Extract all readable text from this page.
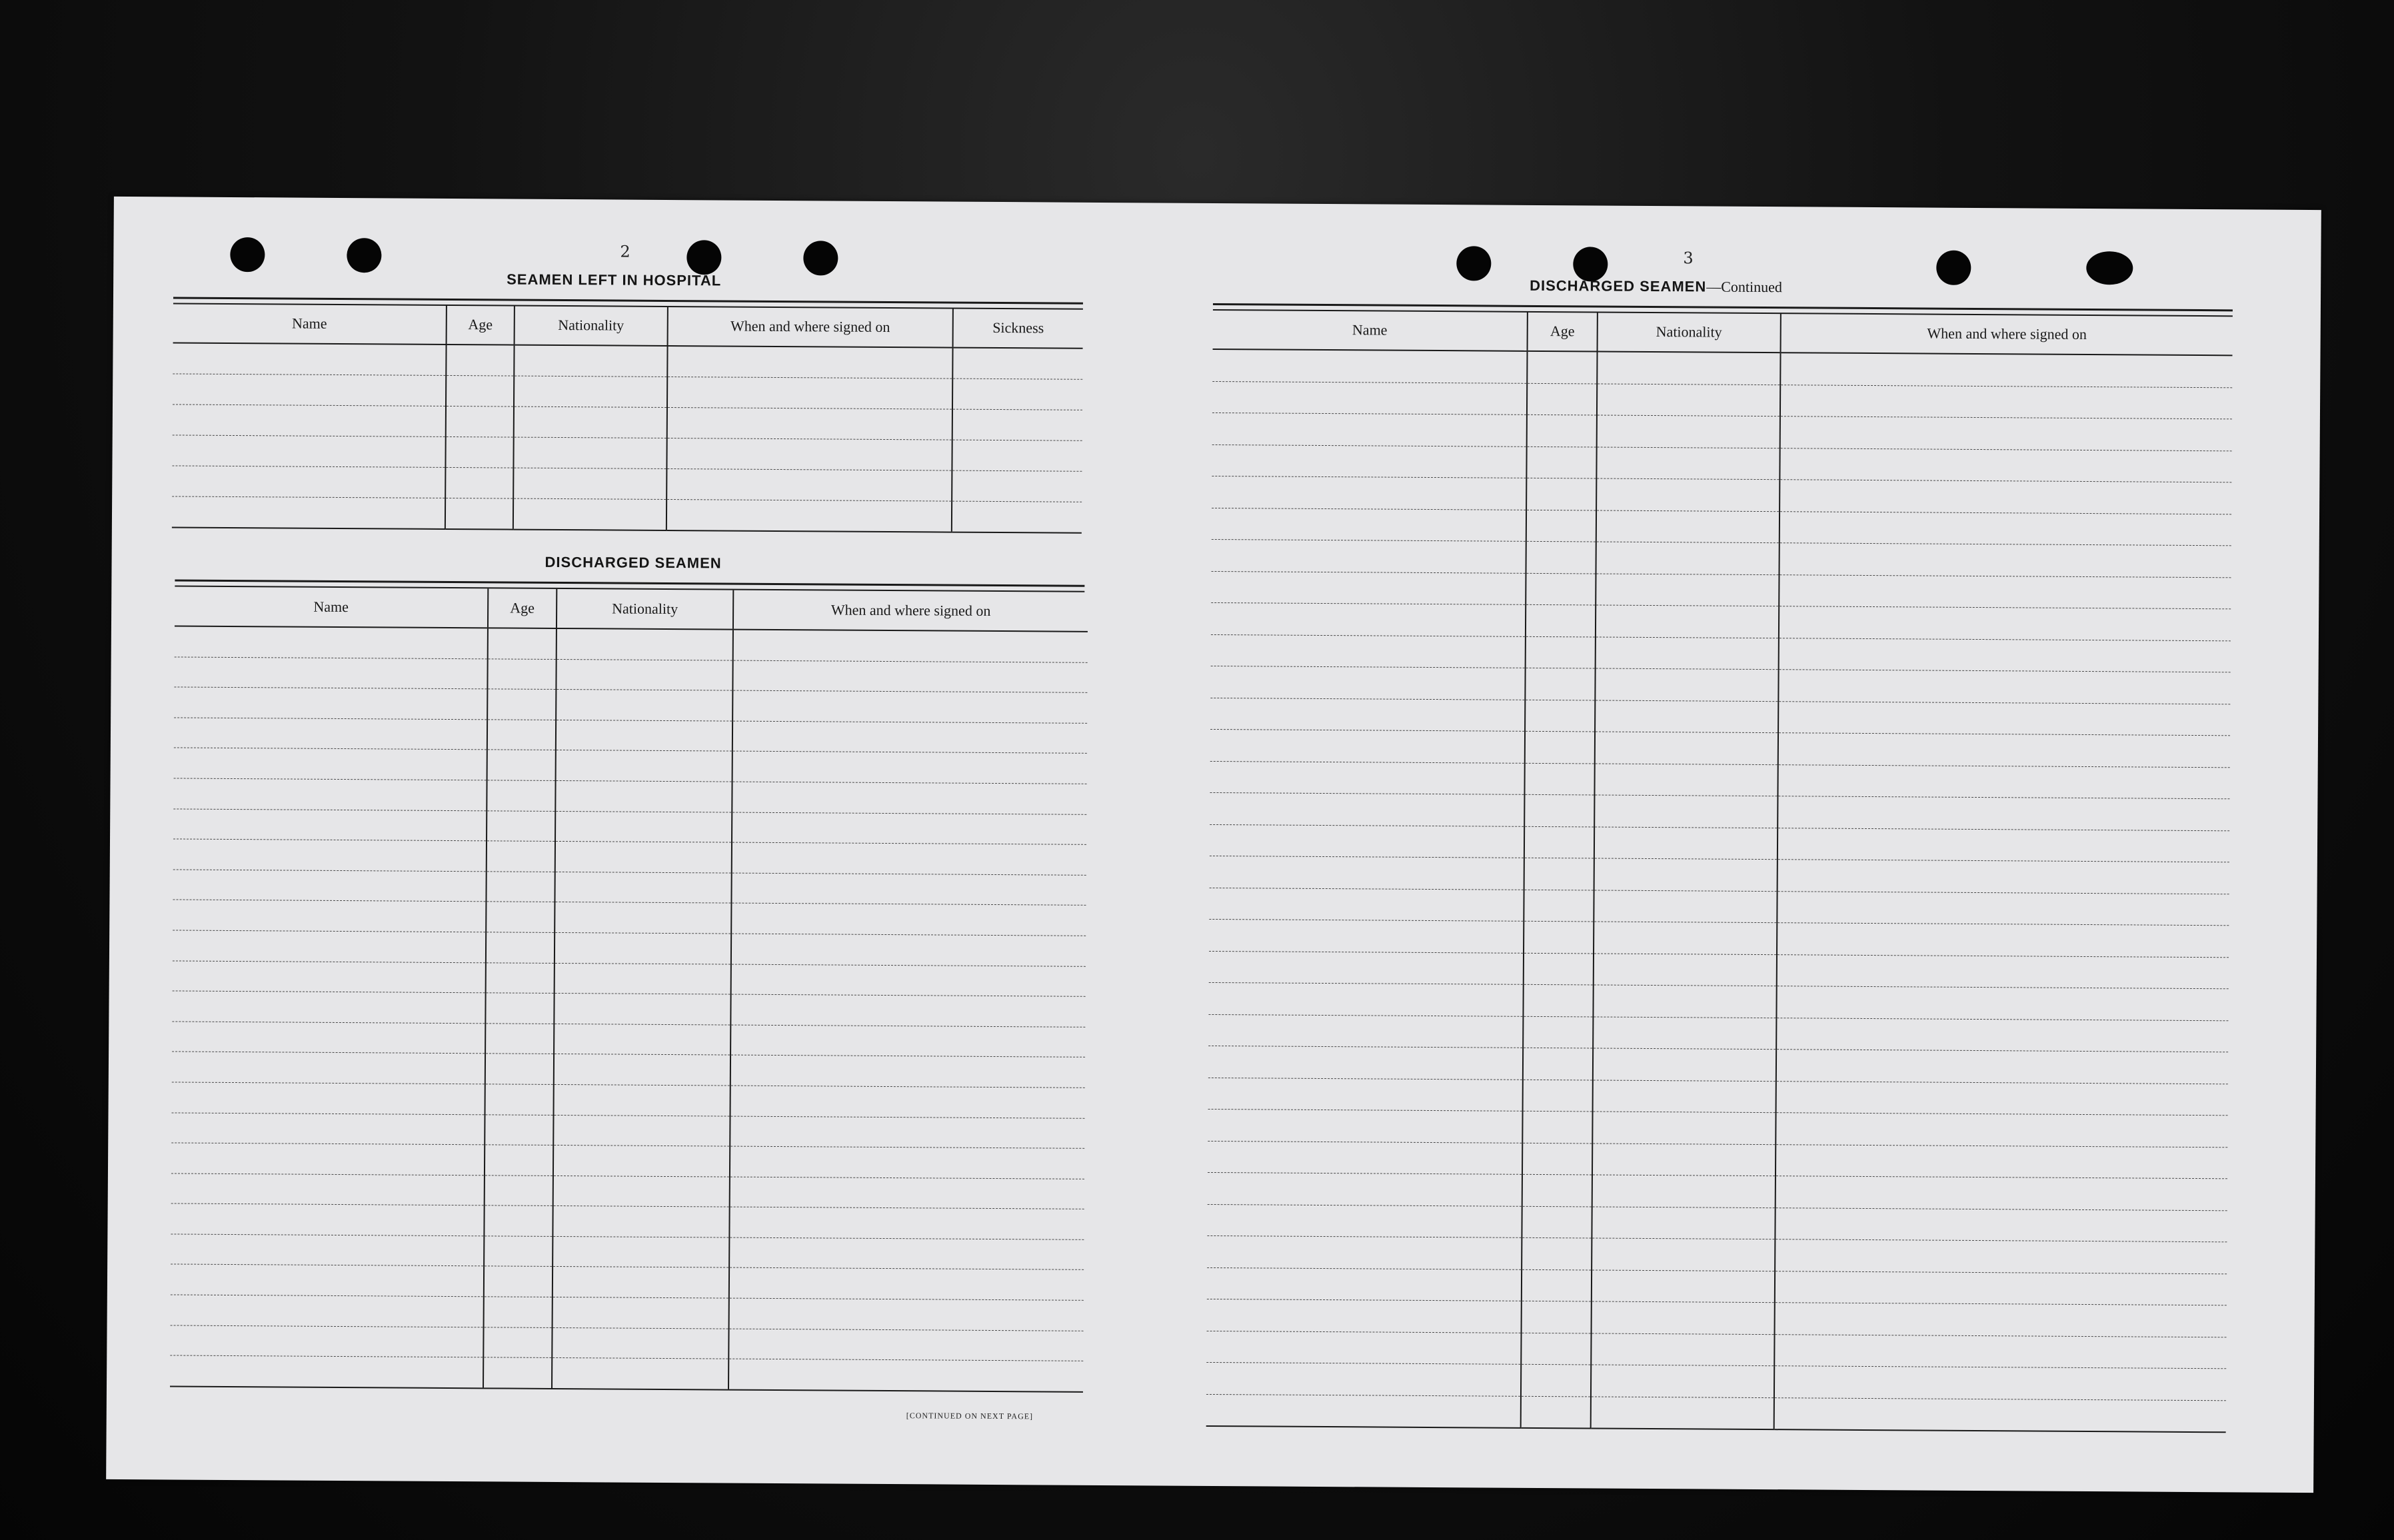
2
SEAMEN LEFT IN HOSPITAL
Name	Age	Nationality	When and where signed on	Sickness

DISCHARGED SEAMEN
Name	Age	Nationality	When and where signed on

[CONTINUED ON NEXT PAGE]
3
DISCHARGED SEAMEN—Continued
Name	Age	Nationality	When and where signed on
